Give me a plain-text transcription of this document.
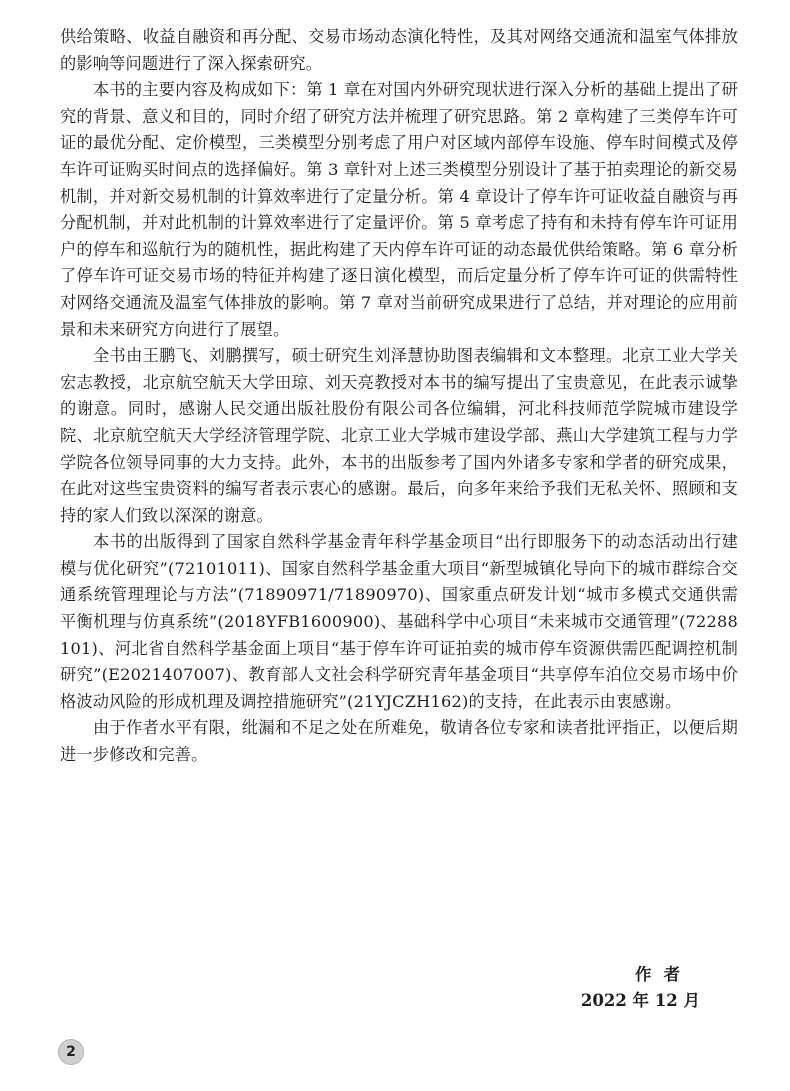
供给策略、收益自融资和再分配、交易市场动态演化特性，及其对网络交通流和温室气体排放的影响等问题进行了深入探索研究。

本书的主要内容及构成如下：第 1 章在对国内外研究现状进行深入分析的基础上提出了研究的背景、意义和目的，同时介绍了研究方法并梳理了研究思路。第 2 章构建了三类停车许可证的最优分配、定价模型，三类模型分别考虑了用户对区域内部停车设施、停车时间模式及停车许可证购买时间点的选择偏好。第 3 章针对上述三类模型分别设计了基于拍卖理论的新交易机制，并对新交易机制的计算效率进行了定量分析。第 4 章设计了停车许可证收益自融资与再分配机制，并对此机制的计算效率进行了定量评价。第 5 章考虑了持有和未持有停车许可证用户的停车和巡航行为的随机性，据此构建了天内停车许可证的动态最优供给策略。第 6 章分析了停车许可证交易市场的特征并构建了逐日演化模型，而后定量分析了停车许可证的供需特性对网络交通流及温室气体排放的影响。第 7 章对当前研究成果进行了总结，并对理论的应用前景和未来研究方向进行了展望。

全书由王鹏飞、刘鹏撰写，硕士研究生刘泽慧协助图表编辑和文本整理。北京工业大学关宏志教授，北京航空航天大学田琼、刘天亮教授对本书的编写提出了宝贵意见，在此表示诚挚的谢意。同时，感谢人民交通出版社股份有限公司各位编辑，河北科技师范学院城市建设学院、北京航空航天大学经济管理学院、北京工业大学城市建设学部、燕山大学建筑工程与力学学院各位领导同事的大力支持。此外，本书的出版参考了国内外诸多专家和学者的研究成果，在此对这些宝贵资料的编写者表示衷心的感谢。最后，向多年来给予我们无私关怀、照顾和支持的家人们致以深深的谢意。

本书的出版得到了国家自然科学基金青年科学基金项目“出行即服务下的动态活动出行建模与优化研究”(72101011)、国家自然科学基金重大项目“新型城镇化导向下的城市群综合交通系统管理理论与方法”(71890971/71890970)、国家重点研发计划“城市多模式交通供需平衡机理与仿真系统”(2018YFB1600900)、基础科学中心项目“未来城市交通管理”(72288101)、河北省自然科学基金面上项目“基于停车许可证拍卖的城市停车资源供需匹配调控机制研究”(E2021407007)、教育部人文社会科学研究青年基金项目“共享停车泊位交易市场中价格波动风险的形成机理及调控措施研究”(21YJCZH162)的支持，在此表示由衷感谢。

由于作者水平有限，纰漏和不足之处在所难免，敬请各位专家和读者批评指正，以便后期进一步修改和完善。

作者
2022 年 12 月
2
